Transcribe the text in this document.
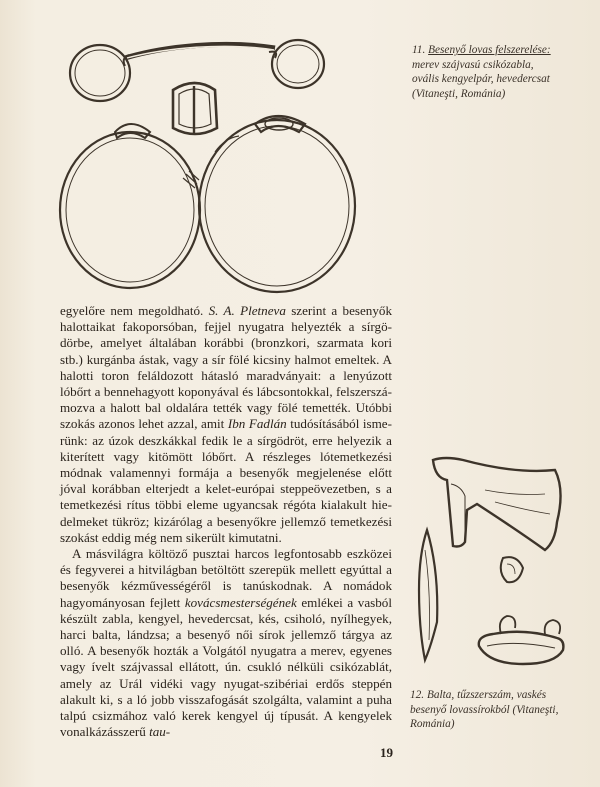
11. Besenyő lovas felszerelése:
merev szájvasú csikózabla,
ovális kengyelpár, hevedercsat
(Vitaneşti, Románia)
12. Balta, tűzszerszám, vaskés
besenyő lovassírokból (Vitaneşti,
Románia)

egyelőre nem megoldható. S. A. Pletneva szerint a besenyők halottaikat fakoporsóban, fejjel nyugatra helyezték a sírgödörbe, amelyet általában korábbi (bronzkori, szarmata kori stb.) kurgánba ástak, vagy a sír fölé kicsiny halmot emeltek. A halotti toron feláldozott hátasló maradványait: a lenyúzott lóbőrt a bennehagyott koponyával és lábcsontokkal, felszerszámozva a halott bal oldalára tették vagy fölé temették. Utóbbi szokás azonos lehet azzal, amit Ibn Fadlán tudósításából ismerünk: az úzok deszkákkal fedik le a sírgödröt, erre helyezik a kiterített vagy kitömött lóbőrt. A részleges lótemetkezési módnak valamennyi formája a besenyők megjelenése előtt jóval korábban elterjedt a kelet-európai steppeövezetben, s a temetkezési rítus többi eleme ugyancsak régóta kialakult hiedelmeket tükröz; kizárólag a besenyőkre jellemző temetkezési szokást eddig még nem sikerült kimutatni.

A másvilágra költöző pusztai harcos legfontosabb eszközei és fegyverei a hitvilágban betöltött szerepük mellett egyúttal a besenyők kézművességéről is tanúskodnak. A nomádok hagyományosan fejlett kovácsmesterségének emlékei a vasból készült zabla, kengyel, hevedercsat, kés, csiholó, nyílhegyek, harci balta, lándzsa; a besenyő női sírok jellemző tárgya az olló. A besenyők hozták a Volgától nyugatra a merev, egyenes vagy ívelt szájvassal ellátott, ún. csukló nélküli csikózablát, amely az Urál vidéki vagy nyugat-szibériai erdős steppén alakult ki, s a ló jobb visszafogását szolgálta, valamint a puha talpú csizmához való kerek kengyel új típusát. A kengyelek vonalkázásszerű tau-

19
